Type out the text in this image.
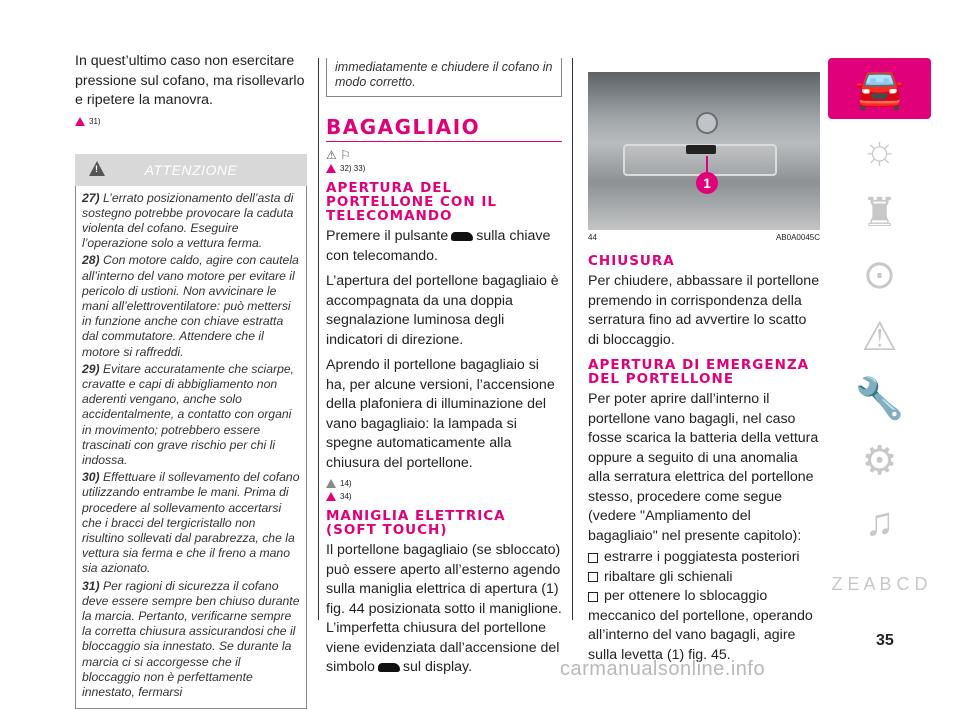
In quest’ultimo caso non esercitare pressione sul cofano, ma risollevarlo e ripetere la manovra.

31)
!
ATTENZIONE

27) L’errato posizionamento dell’asta di sostegno potrebbe provocare la caduta violenta del cofano. Eseguire l’operazione solo a vettura ferma.

28) Con motore caldo, agire con cautela all’interno del vano motore per evitare il pericolo di ustioni. Non avvicinare le mani all’elettroventilatore: può mettersi in funzione anche con chiave estratta dal commutatore. Attendere che il motore si raffreddi.

29) Evitare accuratamente che sciarpe, cravatte e capi di abbigliamento non aderenti vengano, anche solo accidentalmente, a contatto con organi in movimento; potrebbero essere trascinati con grave rischio per chi li indossa.

30) Effettuare il sollevamento del cofano utilizzando entrambe le mani. Prima di procedere al sollevamento accertarsi che i bracci del tergicristallo non risultino sollevati dal parabrezza, che la vettura sia ferma e che il freno a mano sia azionato.

31) Per ragioni di sicurezza il cofano deve essere sempre ben chiuso durante la marcia. Pertanto, verificarne sempre la corretta chiusura assicurandosi che il bloccaggio sia innestato. Se durante la marcia ci si accorgesse che il bloccaggio non è perfettamente innestato, fermarsi

immediatamente e chiudere il cofano in modo corretto.
BAGAGLIAIO
⚠ ⚐
32) 33)
APERTURA DEL PORTELLONE CON IL TELECOMANDO

Premere il pulsante sulla chiave con telecomando.

L’apertura del portellone bagagliaio è accompagnata da una doppia segnalazione luminosa degli indicatori di direzione.

Aprendo il portellone bagagliaio si ha, per alcune versioni, l’accensione della plafoniera di illuminazione del vano bagagliaio: la lampada si spegne automaticamente alla chiusura del portellone.

14)
34)
MANIGLIA ELETTRICA (SOFT TOUCH)

Il portellone bagagliaio (se sbloccato) può essere aperto all’esterno agendo sulla maniglia elettrica di apertura (1) fig. 44 posizionata sotto il maniglione. L’imperfetta chiusura del portellone viene evidenziata dall’accensione del simbolo sul display.

1
44	AB0A0045C
CHIUSURA

Per chiudere, abbassare il portellone premendo in corrispondenza della serratura fino ad avvertire lo scatto di bloccaggio.

APERTURA DI EMERGENZA DEL PORTELLONE

Per poter aprire dall’interno il portellone vano bagagli, nel caso fosse scarica la batteria della vettura oppure a seguito di una anomalia alla serratura elettrica del portellone stesso, procedere come segue (vedere "Ampliamento del bagagliaio" nel presente capitolo):

estrarre i poggiatesta posteriori
ribaltare gli schienali
per ottenere lo sblocaggio

meccanico del portellone, operando all’interno del vano bagagli, agire sulla levetta (1) fig. 45.

🚘
☼
♜
⊙
⚠
🔧
⚙
♫
Z E A B C D
35
carmanualsonline.info
